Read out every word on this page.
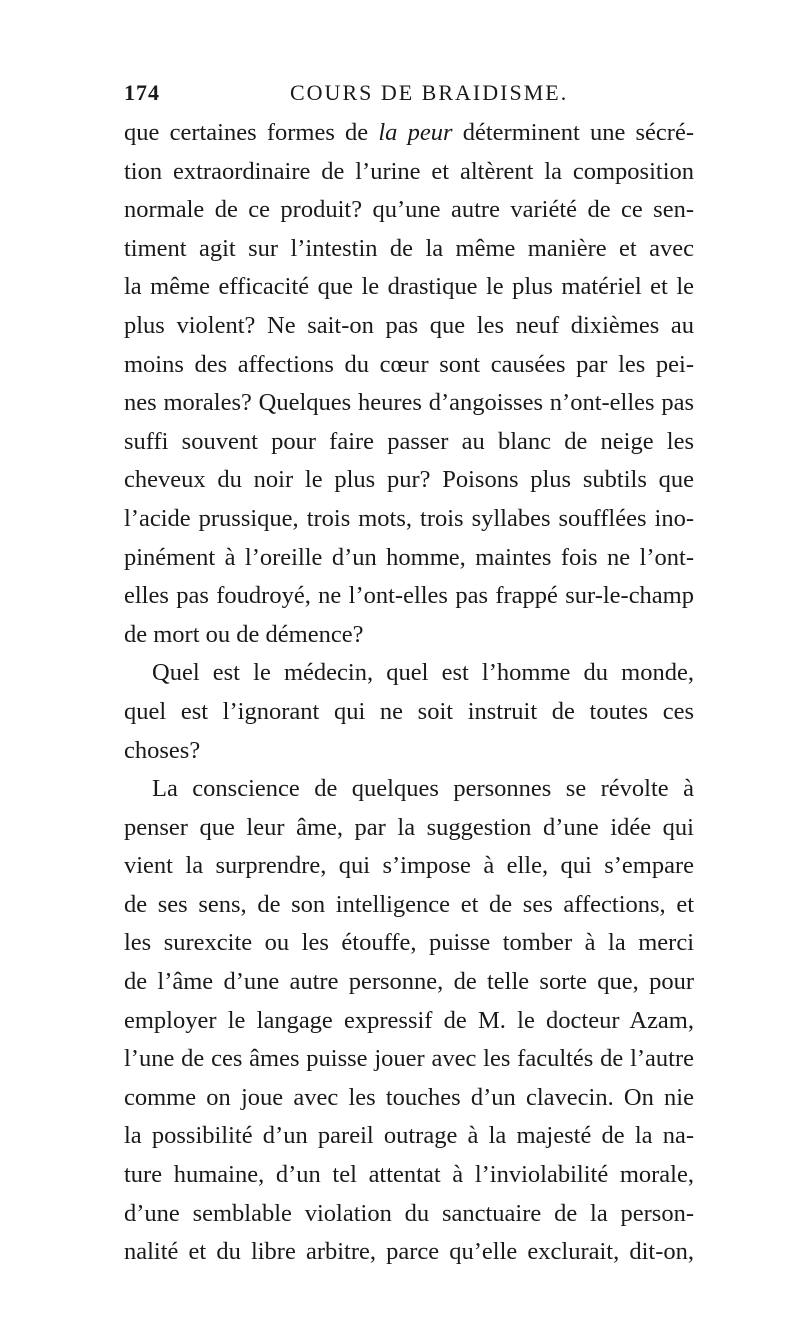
174	COURS DE BRAIDISME.
que certaines formes de la peur déterminent une sécré-
tion extraordinaire de l’urine et altèrent la composition
normale de ce produit? qu’une autre variété de ce sen-
timent agit sur l’intestin de la même manière et avec
la même efficacité que le drastique le plus matériel et le
plus violent? Ne sait-on pas que les neuf dixièmes au
moins des affections du cœur sont causées par les pei-
nes morales? Quelques heures d’angoisses n’ont-elles pas
suffi souvent pour faire passer au blanc de neige les
cheveux du noir le plus pur? Poisons plus subtils que
l’acide prussique, trois mots, trois syllabes soufflées ino-
pinément à l’oreille d’un homme, maintes fois ne l’ont-
elles pas foudroyé, ne l’ont-elles pas frappé sur-le-champ
de mort ou de démence?
Quel est le médecin, quel est l’homme du monde,
quel est l’ignorant qui ne soit instruit de toutes ces
choses?
La conscience de quelques personnes se révolte à
penser que leur âme, par la suggestion d’une idée qui
vient la surprendre, qui s’impose à elle, qui s’empare
de ses sens, de son intelligence et de ses affections, et
les surexcite ou les étouffe, puisse tomber à la merci
de l’âme d’une autre personne, de telle sorte que, pour
employer le langage expressif de M. le docteur Azam,
l’une de ces âmes puisse jouer avec les facultés de l’autre
comme on joue avec les touches d’un clavecin. On nie
la possibilité d’un pareil outrage à la majesté de la na-
ture humaine, d’un tel attentat à l’inviolabilité morale,
d’une semblable violation du sanctuaire de la person-
nalité et du libre arbitre, parce qu’elle exclurait, dit-on,
